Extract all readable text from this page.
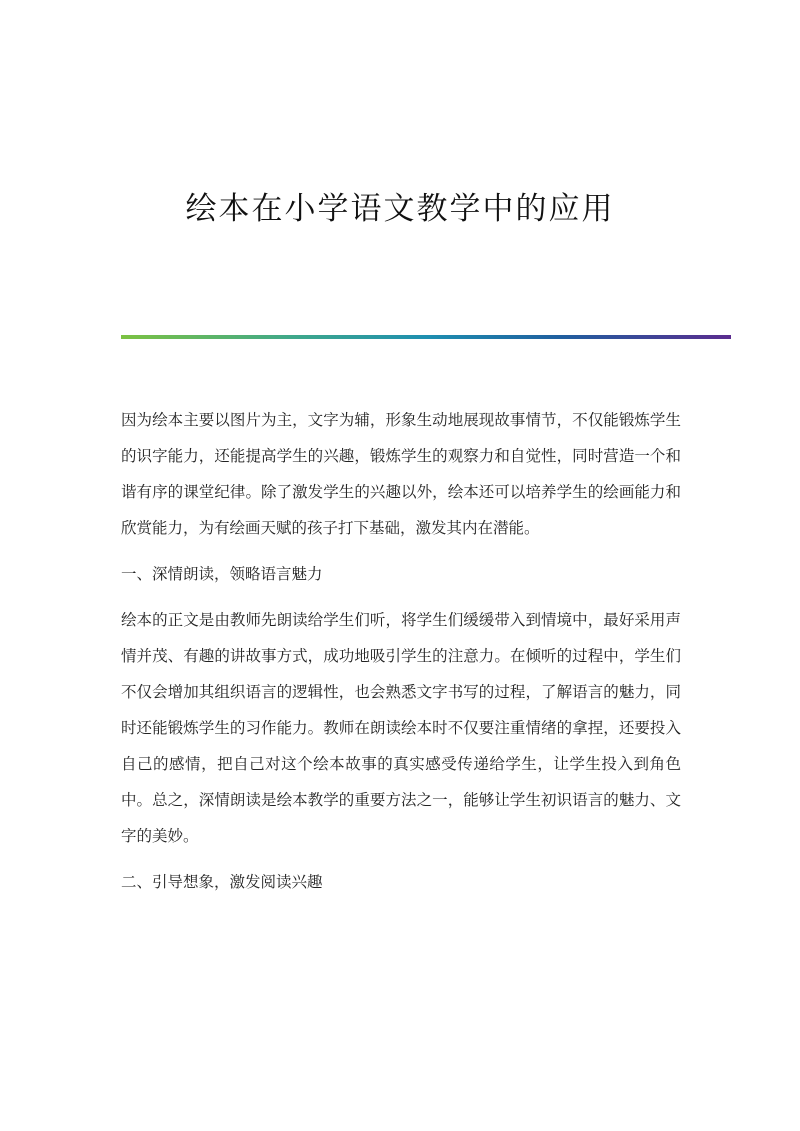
绘本在小学语文教学中的应用

因为绘本主要以图片为主，文字为辅，形象生动地展现故事情节，不仅能锻炼学生的识字能力，还能提高学生的兴趣，锻炼学生的观察力和自觉性，同时营造一个和谐有序的课堂纪律。除了激发学生的兴趣以外，绘本还可以培养学生的绘画能力和欣赏能力，为有绘画天赋的孩子打下基础，激发其内在潜能。

一、深情朗读，领略语言魅力

绘本的正文是由教师先朗读给学生们听，将学生们缓缓带入到情境中，最好采用声情并茂、有趣的讲故事方式，成功地吸引学生的注意力。在倾听的过程中，学生们不仅会增加其组织语言的逻辑性，也会熟悉文字书写的过程，了解语言的魅力，同时还能锻炼学生的习作能力。教师在朗读绘本时不仅要注重情绪的拿捏，还要投入自己的感情，把自己对这个绘本故事的真实感受传递给学生，让学生投入到角色中。总之，深情朗读是绘本教学的重要方法之一，能够让学生初识语言的魅力、文字的美妙。

二、引导想象，激发阅读兴趣
